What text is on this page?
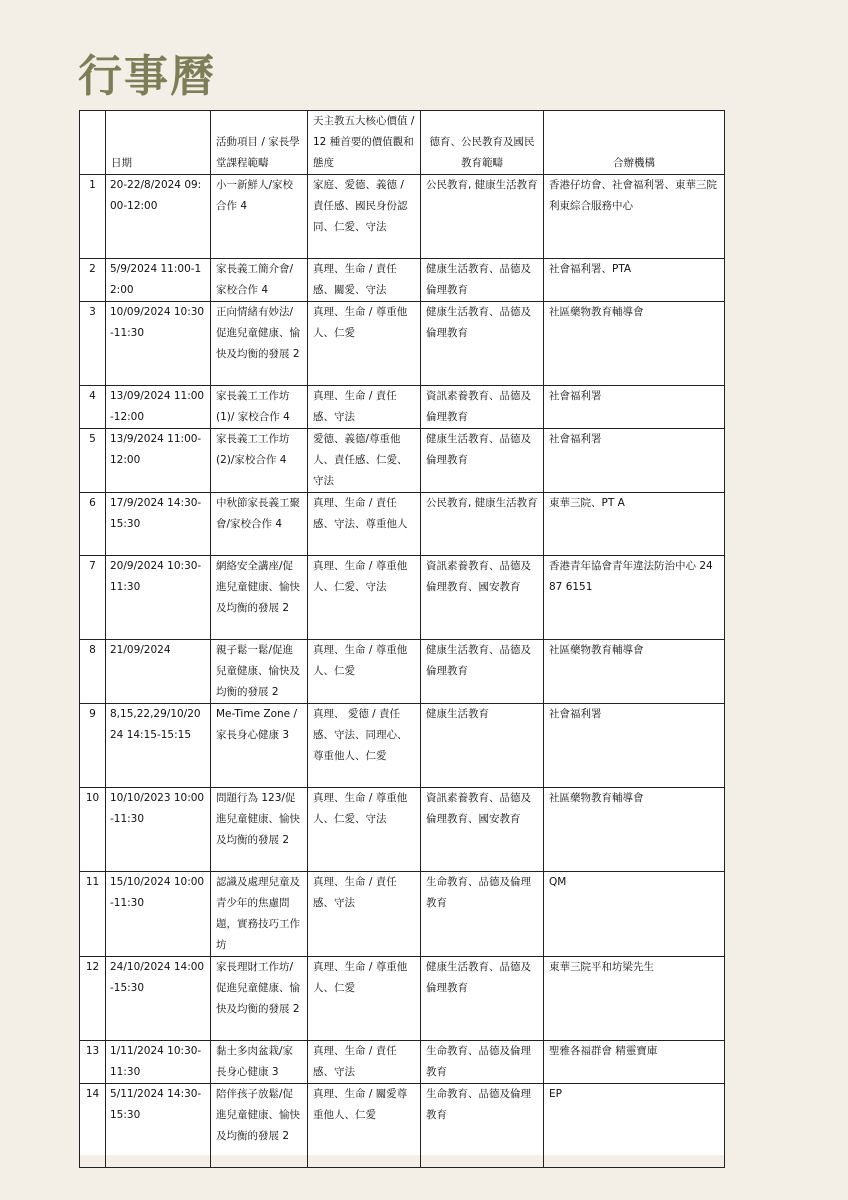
行事曆
	日期	活動項目 / 家長學堂課程範疇	天主教五大核心價值 / 12 種首要的價值觀和態度	德育、公民教育及國民教育範疇	合辦機構
1	20-22/8/2024 09:00-12:00	小一新鮮人/家校合作 4	家庭、愛德、義德 / 責任感、國民身份認同、仁愛、守法	公民教育, 健康生活教育	香港仔坊會、社會福利署、東華三院利東綜合服務中心
2	5/9/2024 11:00-12:00	家長義工簡介會/家校合作 4	真理、生命 / 責任感、關愛、守法	健康生活教育、品德及倫理教育	社會福利署、PTA
3	10/09/2024 10:30-11:30	正向情緒有妙法/促進兒童健康、愉快及均衡的發展 2	真理、生命 / 尊重他人、仁愛	健康生活教育、品德及倫理教育	社區藥物教育輔導會
4	13/09/2024 11:00-12:00	家長義工工作坊(1)/ 家校合作 4	真理、生命 / 責任感、守法	資訊素養教育、品德及倫理教育	社會福利署
5	13/9/2024 11:00-12:00	家長義工工作坊(2)/家校合作 4	愛德、義德/尊重他人、責任感、仁愛、守法	健康生活教育、品德及倫理教育	社會福利署
6	17/9/2024 14:30-15:30	中秋節家長義工聚會/家校合作 4	真理、生命 / 責任感、守法、尊重他人	公民教育, 健康生活教育	東華三院、PT A
7	20/9/2024 10:30-11:30	網絡安全講座/促進兒童健康、愉快及均衡的發展 2	真理、生命 / 尊重他人、仁愛、守法	資訊素養教育、品德及倫理教育、國安教育	香港青年協會青年違法防治中心 2487 6151
8	21/09/2024	親子鬆一鬆/促進兒童健康、愉快及均衡的發展 2	真理、生命 / 尊重他人、仁愛	健康生活教育、品德及倫理教育	社區藥物教育輔導會
9	8,15,22,29/10/2024 14:15-15:15	Me-Time Zone / 家長身心健康 3	真理、 愛德 / 責任感、守法、同理心、尊重他人、仁愛	健康生活教育	社會福利署
10	10/10/2023 10:00-11:30	問題行為 123/促進兒童健康、愉快及均衡的發展 2	真理、生命 / 尊重他人、仁愛、守法	資訊素養教育、品德及倫理教育、國安教育	社區藥物教育輔導會
11	15/10/2024 10:00-11:30	認識及處理兒童及青少年的焦慮問題，實務技巧工作坊	真理、生命 / 責任感、守法	生命教育、品德及倫理教育	QM
12	24/10/2024 14:00-15:30	家長理財工作坊/促進兒童健康、愉快及均衡的發展 2	真理、生命 / 尊重他人、仁愛	健康生活教育、品德及倫理教育	東華三院平和坊梁先生
13	1/11/2024 10:30-11:30	黏土多肉盆栽/家長身心健康 3	真理、生命 / 責任感、守法	生命教育、品德及倫理教育	聖雅各福群會 精靈寶庫
14	5/11/2024 14:30-15:30	陪伴孩子放鬆/促進兒童健康、愉快及均衡的發展 2	真理、生命 / 關愛尊重他人、仁愛	生命教育、品德及倫理教育	EP
